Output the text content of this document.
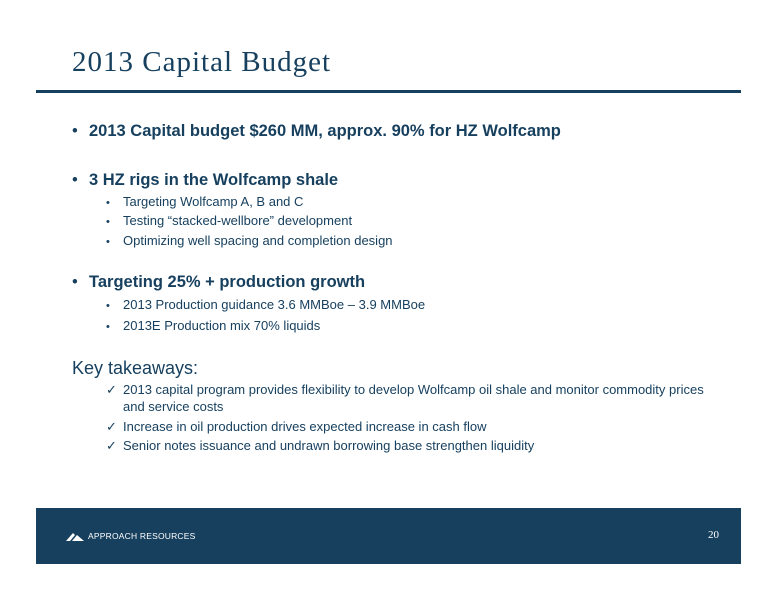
2013 Capital Budget
• 2013 Capital budget $260 MM, approx. 90% for HZ Wolfcamp
• 3 HZ rigs in the Wolfcamp shale
• Targeting Wolfcamp A, B and C
• Testing “stacked-wellbore” development
• Optimizing well spacing and completion design
• Targeting 25% + production growth
• 2013 Production guidance 3.6 MMBoe – 3.9 MMBoe
• 2013E Production mix 70% liquids
Key takeaways:
✓ 2013 capital program provides flexibility to develop Wolfcamp oil shale and monitor commodity prices and service costs
✓ Increase in oil production drives expected increase in cash flow
✓ Senior notes issuance and undrawn borrowing base strengthen liquidity
APPROACH RESOURCES	20
